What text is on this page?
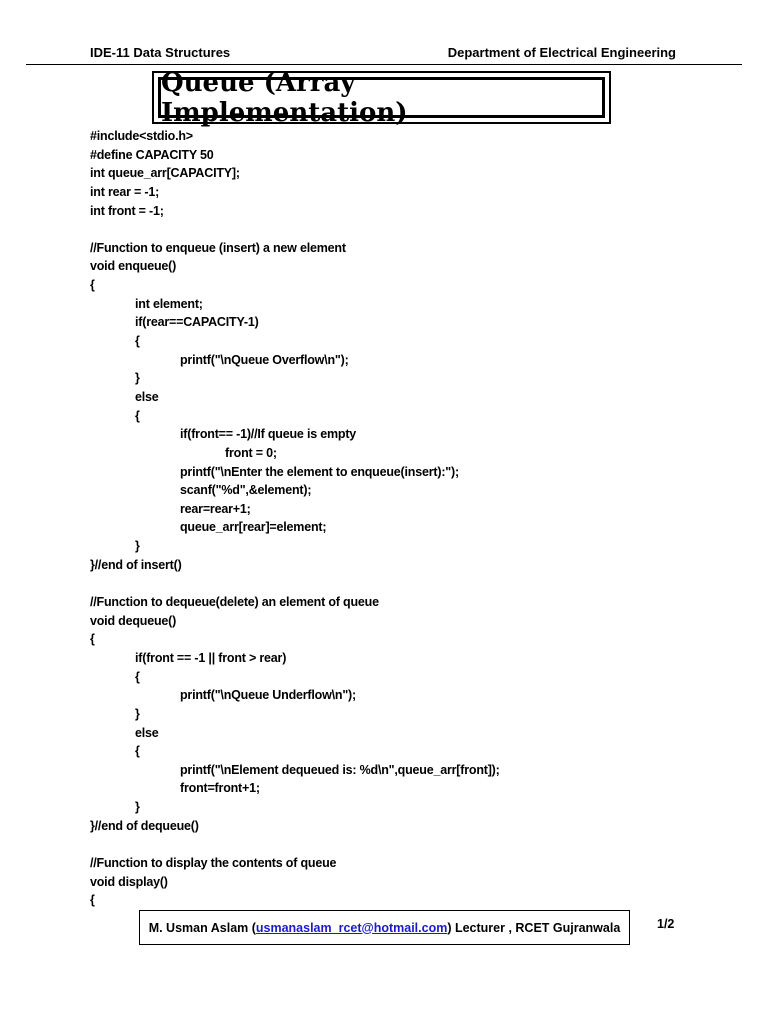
IDE-11 Data Structures	Department of Electrical Engineering
Queue (Array Implementation)
#include<stdio.h>
#define CAPACITY 50
int queue_arr[CAPACITY];
int rear = -1;
int front = -1;
//Function to enqueue (insert) a new element
void enqueue()
{
int element;
if(rear==CAPACITY-1)
{
printf("\nQueue Overflow\n");
}
else
{
if(front== -1)//If queue is empty
front = 0;
printf("\nEnter the element to enqueue(insert):");
scanf("%d",&element);
rear=rear+1;
queue_arr[rear]=element;
}
}//end of insert()
//Function to dequeue(delete) an element of queue
void dequeue()
{
if(front == -1 || front > rear)
{
printf("\nQueue Underflow\n");
}
else
{
printf("\nElement dequeued is: %d\n",queue_arr[front]);
front=front+1;
}
}//end of dequeue()
//Function to display the contents of queue
void display()
{
M. Usman Aslam ( usmanaslam_rcet@hotmail.com ) Lecturer , RCET Gujranwala	1/2
